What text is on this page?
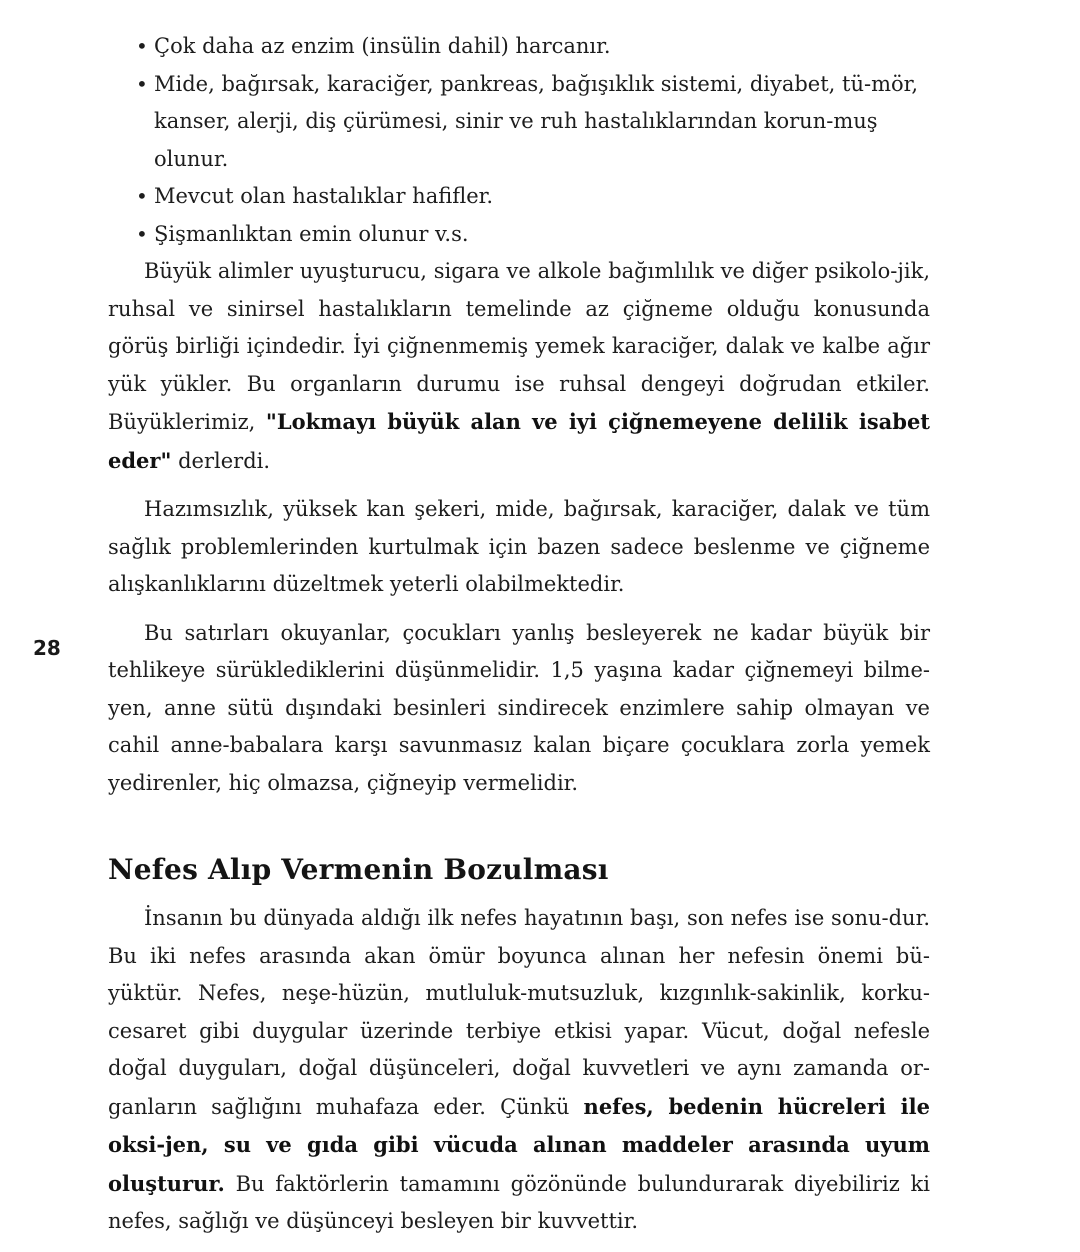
28
• Çok daha az enzim (insülin dahil) harcanır.
• Mide, bağırsak, karaciğer, pankreas, bağışıklık sistemi, diyabet, tü-mör, kanser, alerji, diş çürümesi, sinir ve ruh hastalıklarından korun-muş olunur.
• Mevcut olan hastalıklar hafifler.
• Şişmanlıktan emin olunur v.s.

Büyük alimler uyuşturucu, sigara ve alkole bağımlılık ve diğer psikolo-jik, ruhsal ve sinirsel hastalıkların temelinde az çiğneme olduğu konusunda görüş birliği içindedir. İyi çiğnenmemiş yemek karaciğer, dalak ve kalbe ağır yük yükler. Bu organların durumu ise ruhsal dengeyi doğrudan etkiler. Büyüklerimiz, "Lokmayı büyük alan ve iyi çiğnemeyene delilik isabet eder" derlerdi.

Hazımsızlık, yüksek kan şekeri, mide, bağırsak, karaciğer, dalak ve tüm sağlık problemlerinden kurtulmak için bazen sadece beslenme ve çiğneme alışkanlıklarını düzeltmek yeterli olabilmektedir.

Bu satırları okuyanlar, çocukları yanlış besleyerek ne kadar büyük bir tehlikeye sürüklediklerini düşünmelidir. 1,5 yaşına kadar çiğnemeyi bilme-yen, anne sütü dışındaki besinleri sindirecek enzimlere sahip olmayan ve cahil anne-babalara karşı savunmasız kalan biçare çocuklara zorla yemek yedirenler, hiç olmazsa, çiğneyip vermelidir.

Nefes Alıp Vermenin Bozulması

İnsanın bu dünyada aldığı ilk nefes hayatının başı, son nefes ise sonu-dur. Bu iki nefes arasında akan ömür boyunca alınan her nefesin önemi bü-yüktür. Nefes, neşe-hüzün, mutluluk-mutsuzluk, kızgınlık-sakinlik, korku-cesaret gibi duygular üzerinde terbiye etkisi yapar. Vücut, doğal nefesle doğal duyguları, doğal düşünceleri, doğal kuvvetleri ve aynı zamanda or-ganların sağlığını muhafaza eder. Çünkü nefes, bedenin hücreleri ile oksi-jen, su ve gıda gibi vücuda alınan maddeler arasında uyum oluşturur. Bu faktörlerin tamamını gözönünde bulundurarak diyebiliriz ki nefes, sağlığı ve düşünceyi besleyen bir kuvvettir.
